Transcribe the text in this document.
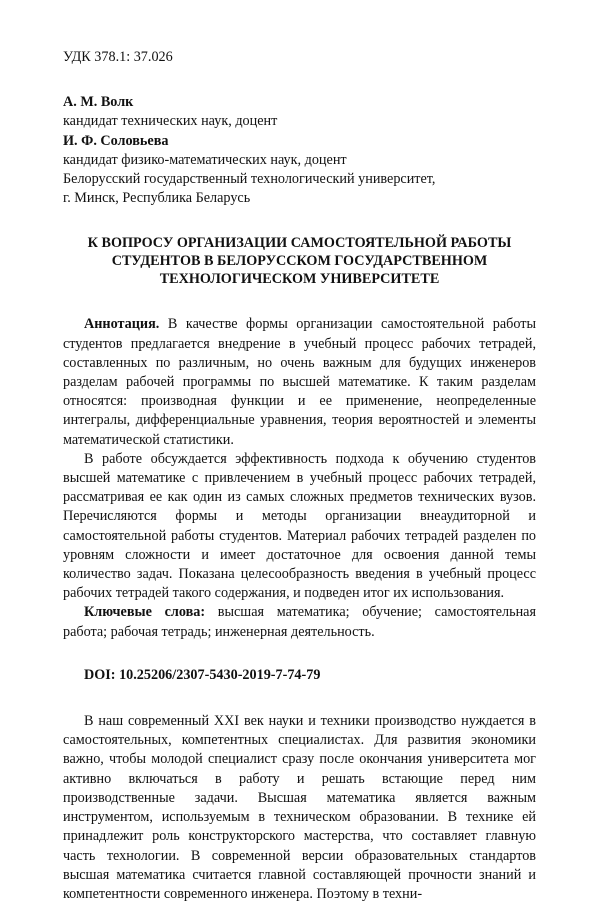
УДК 378.1: 37.026

А. М. Волк

кандидат технических наук, доцент

И. Ф. Соловьева

кандидат физико-математических наук, доцент

Белорусский государственный технологический университет,

г. Минск, Республика Беларусь

К ВОПРОСУ ОРГАНИЗАЦИИ САМОСТОЯТЕЛЬНОЙ РАБОТЫ
СТУДЕНТОВ В БЕЛОРУССКОМ ГОСУДАРСТВЕННОМ
ТЕХНОЛОГИЧЕСКОМ УНИВЕРСИТЕТЕ

Аннотация. В качестве формы организации самостоятельной работы студентов предлагается внедрение в учебный процесс рабочих тетрадей, составленных по различным, но очень важным для будущих инженеров разделам рабочей программы по высшей математике. К таким разделам относятся: производная функции и ее применение, неопределенные интегралы, дифференциальные уравнения, теория вероятностей и элементы математической статистики.

В работе обсуждается эффективность подхода к обучению студентов высшей математике с привлечением в учебный процесс рабочих тетрадей, рассматривая ее как один из самых сложных предметов технических вузов. Перечисляются формы и методы организации внеаудиторной и самостоятельной работы студентов. Материал рабочих тетрадей разделен по уровням сложности и имеет достаточное для освоения данной темы количество задач. Показана целесообразность введения в учебный процесс рабочих тетрадей такого содержания, и подведен итог их использования.

Ключевые слова: высшая математика; обучение; самостоятельная работа; рабочая тетрадь; инженерная деятельность.

DOI: 10.25206/2307-5430-2019-7-74-79

В наш современный XXI век науки и техники производство нуждается в самостоятельных, компетентных специалистах. Для развития экономики важно, чтобы молодой специалист сразу после окончания университета мог активно включаться в работу и решать встающие перед ним производственные задачи. Высшая математика является важным инструментом, используемым в техническом образовании. В технике ей принадлежит роль конструкторского мастерства, что составляет главную часть технологии. В современной версии образовательных стандартов высшая математика считается главной составляющей прочности знаний и компетентности современного инженера. Поэтому в техни-
